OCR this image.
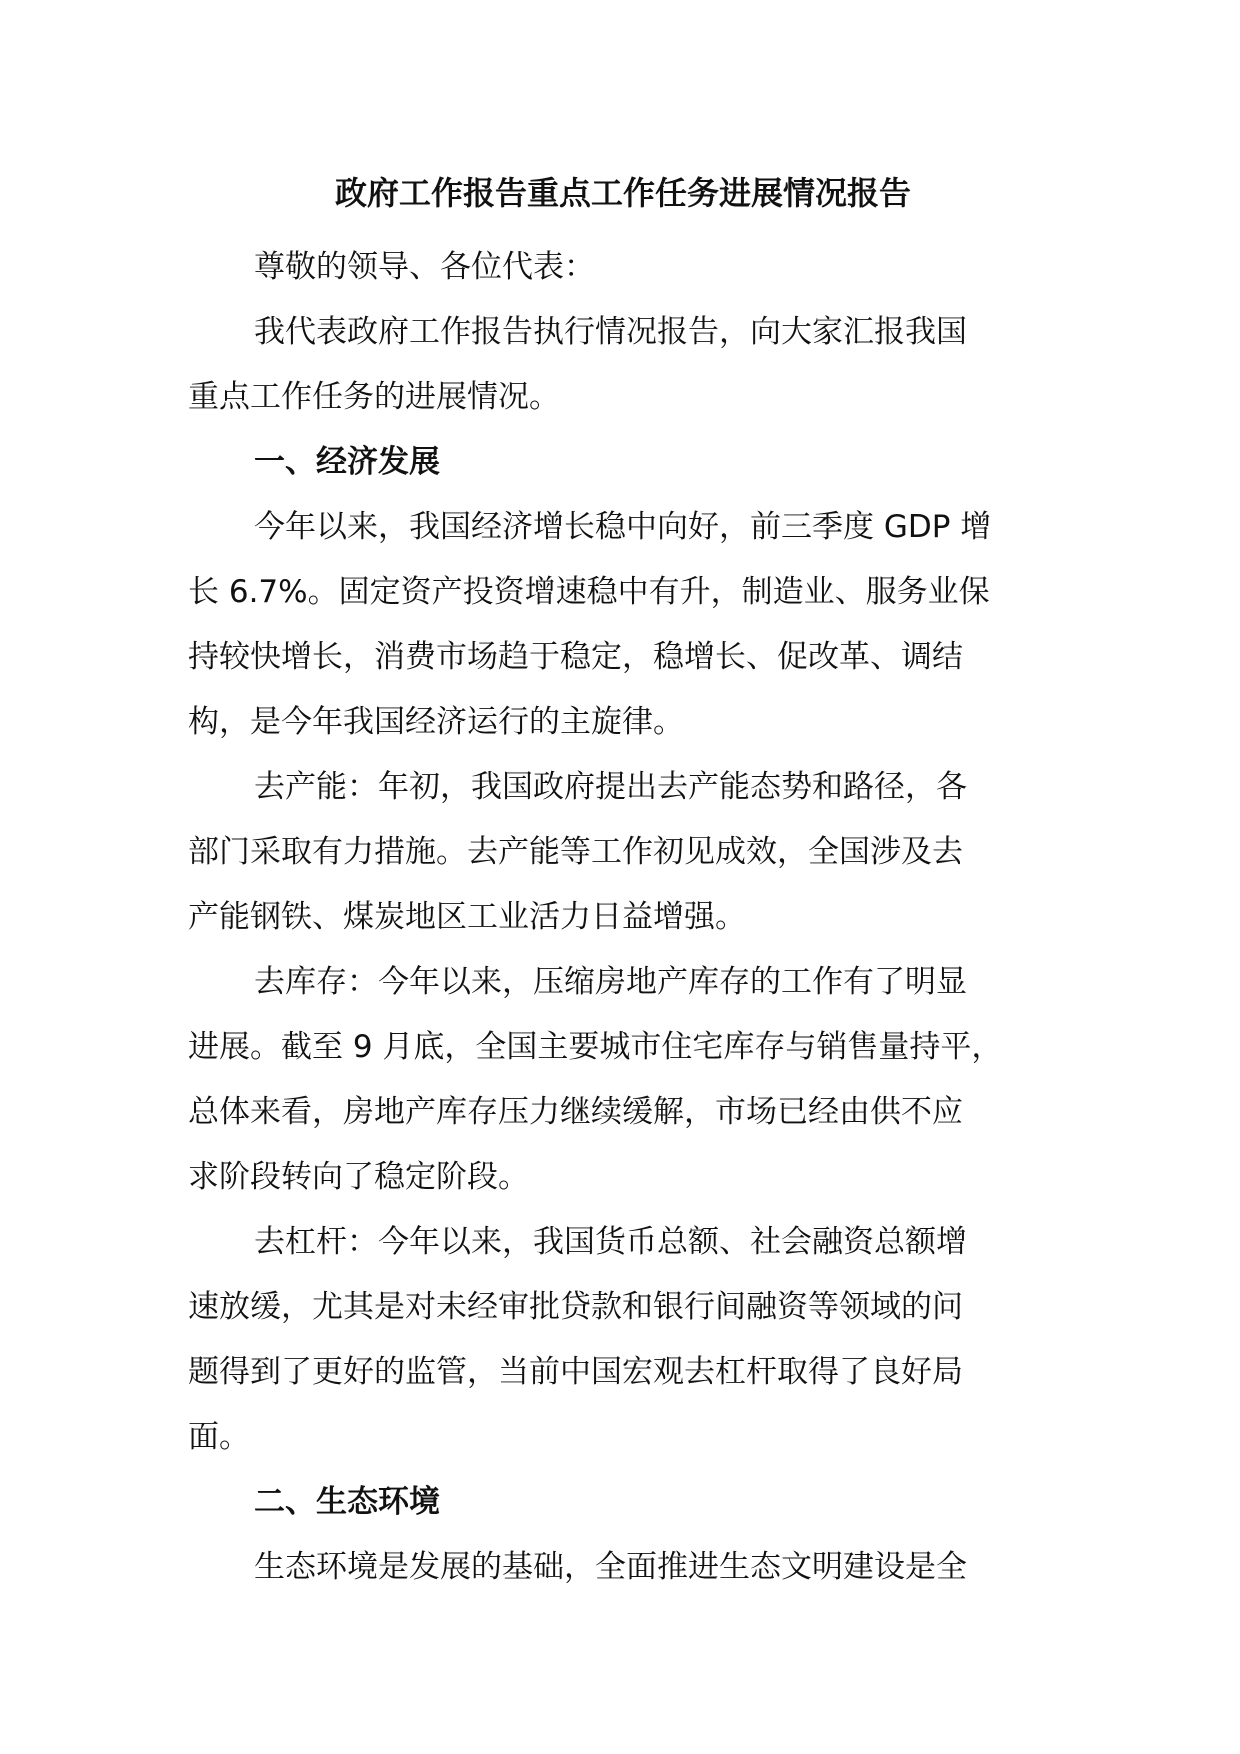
政府工作报告重点工作任务进展情况报告

尊敬的领导、各位代表：

我代表政府工作报告执行情况报告，向大家汇报我国
重点工作任务的进展情况。

一、经济发展

今年以来，我国经济增长稳中向好，前三季度 GDP 增
长 6.7%。固定资产投资增速稳中有升，制造业、服务业保
持较快增长，消费市场趋于稳定，稳增长、促改革、调结
构，是今年我国经济运行的主旋律。

去产能：年初，我国政府提出去产能态势和路径，各
部门采取有力措施。去产能等工作初见成效，全国涉及去
产能钢铁、煤炭地区工业活力日益增强。

去库存：今年以来，压缩房地产库存的工作有了明显
进展。截至 9 月底，全国主要城市住宅库存与销售量持平，
总体来看，房地产库存压力继续缓解，市场已经由供不应
求阶段转向了稳定阶段。

去杠杆：今年以来，我国货币总额、社会融资总额增
速放缓，尤其是对未经审批贷款和银行间融资等领域的问
题得到了更好的监管，当前中国宏观去杠杆取得了良好局
面。

二、生态环境

生态环境是发展的基础，全面推进生态文明建设是全
